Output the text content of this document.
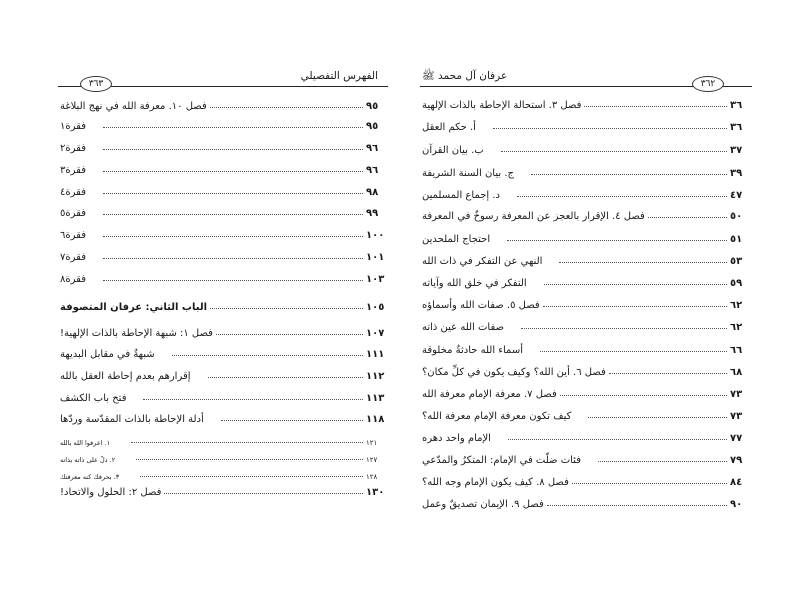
الفهرس التفصيلي
٣٦٣
فصل ١٠. معرفة الله في نهج البلاغة	٩٥
فقرة١	٩٥
فقرة٢	٩٦
فقرة٣	٩٦
فقرة٤	٩٨
فقرة٥	٩٩
فقرة٦	١٠٠
فقرة٧	١٠١
فقرة٨	١٠٣
الباب الثاني: عرفان المتصوفة	١٠٥
فصل ١: شبهة الإحاطة بالذات الإلهية!	١٠٧
شبهةٌ في مقابل البديهة	١١١
إقرارهم بعدم إحاطة العقل بالله	١١٢
فتح باب الكشف	١١٣
أدلة الإحاطة بالذات المقدّسة وردّها	١١٨
١. اعرفوا الله بالله	١٢١
٢. دلّ على ذاته بذاته	١٢٧
٣. بحرفك كنه معرفتك	١٢٨
فصل ٢: الحلول والاتحاد!	١٣٠
عرفان آل محمد ﷺ
٣٦٢
فصل ٣. استحالة الإحاطة بالذات الإلهية	٣٦
أ. حكم العقل	٣٦
ب. بيان القرآن	٣٧
ج. بيان السنة الشريفة	٣٩
د. إجماع المسلمين	٤٧
فصل ٤. الإقرار بالعجز عن المعرفة رسوخٌ في المعرفة	٥٠
احتجاج الملحدين	٥١
النهي عن التفكر في ذات الله	٥٣
التفكر في خلق الله وآياته	٥٩
فصل ٥. صفات الله وأسماؤه	٦٢
صفات الله عين ذاته	٦٢
أسماء الله حادثةٌ مخلوقة	٦٦
فصل ٦. أين الله؟ وكيف يكون في كلِّ مكان؟	٦٨
فصل ٧. معرفة الإمام معرفة الله	٧٣
كيف تكون معرفة الإمام معرفة الله؟	٧٣
الإمام واحد دهره	٧٧
فئات ضلّت في الإمام: المتكرُ والمدّعي	٧٩
فصل ٨. كيف يكون الإمام وجه الله؟	٨٤
فصل ٩. الإيمان تصديقٌ وعمل	٩٠
